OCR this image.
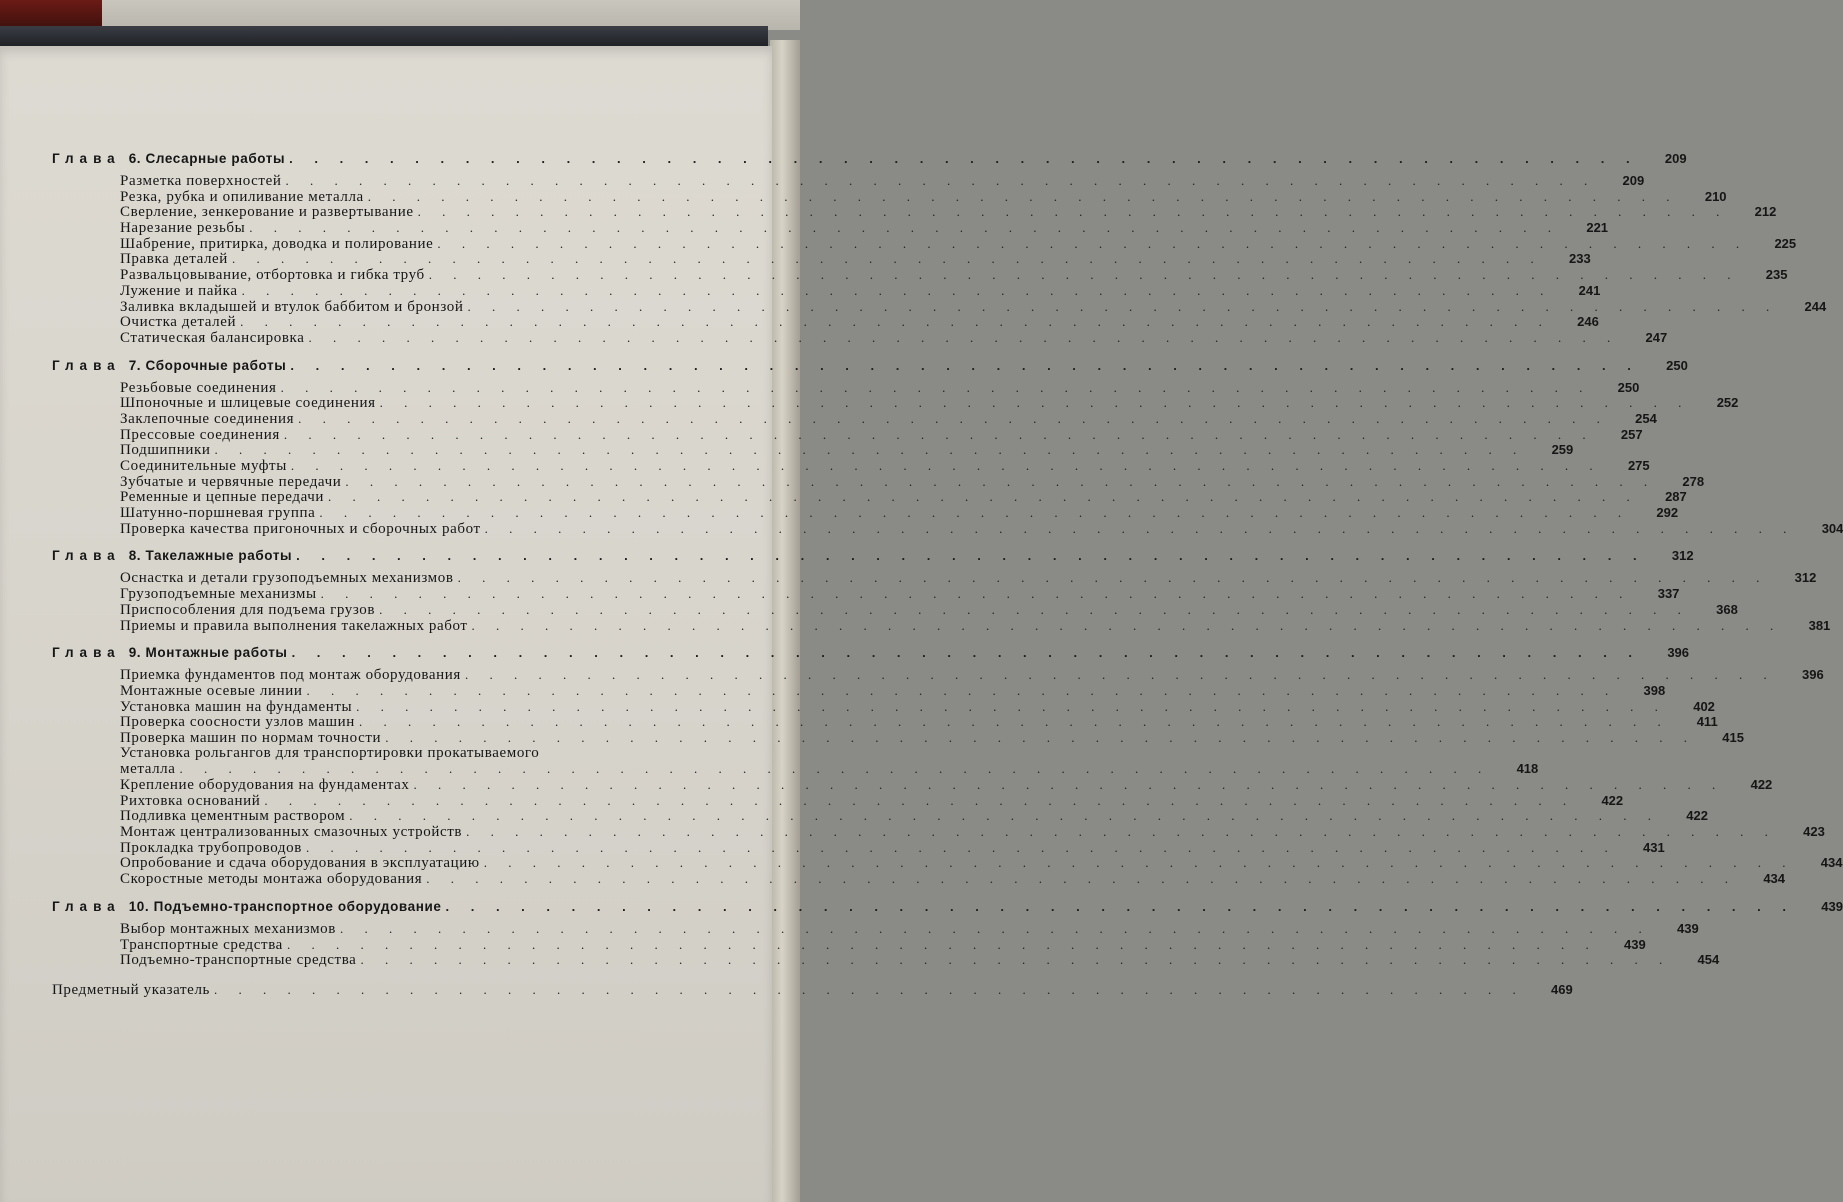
Глава 6. Слесарные работы . . . . . . . . . . . . . . . . . . . . . . . . . . . . . . . . . . . . . . . . . . . . . . . . . . . . . .	209
Разметка поверхностей . . . . . . . . . . . . . . . . . . . . . . . . . . . . . . . . . . . . . . . . . . . . . . . . . . . . . .	209
Резка, рубка и опиливание металла . . . . . . . . . . . . . . . . . . . . . . . . . . . . . . . . . . . . . . . . . . . . . . . . . . . . . .	210
Сверление, зенкерование и развертывание . . . . . . . . . . . . . . . . . . . . . . . . . . . . . . . . . . . . . . . . . . . . . . . . . . . . . .	212
Нарезание резьбы . . . . . . . . . . . . . . . . . . . . . . . . . . . . . . . . . . . . . . . . . . . . . . . . . . . . . .	221
Шабрение, притирка, доводка и полирование . . . . . . . . . . . . . . . . . . . . . . . . . . . . . . . . . . . . . . . . . . . . . . . . . . . . . .	225
Правка деталей . . . . . . . . . . . . . . . . . . . . . . . . . . . . . . . . . . . . . . . . . . . . . . . . . . . . . .	233
Развальцовывание, отбортовка и гибка труб . . . . . . . . . . . . . . . . . . . . . . . . . . . . . . . . . . . . . . . . . . . . . . . . . . . . . .	235
Лужение и пайка . . . . . . . . . . . . . . . . . . . . . . . . . . . . . . . . . . . . . . . . . . . . . . . . . . . . . .	241
Заливка вкладышей и втулок баббитом и бронзой . . . . . . . . . . . . . . . . . . . . . . . . . . . . . . . . . . . . . . . . . . . . . . . . . . . . . .	244
Очистка деталей . . . . . . . . . . . . . . . . . . . . . . . . . . . . . . . . . . . . . . . . . . . . . . . . . . . . . .	246
Статическая балансировка . . . . . . . . . . . . . . . . . . . . . . . . . . . . . . . . . . . . . . . . . . . . . . . . . . . . . .	247
Глава 7. Сборочные работы . . . . . . . . . . . . . . . . . . . . . . . . . . . . . . . . . . . . . . . . . . . . . . . . . . . . . .	250
Резьбовые соединения . . . . . . . . . . . . . . . . . . . . . . . . . . . . . . . . . . . . . . . . . . . . . . . . . . . . . .	250
Шпоночные и шлицевые соединения . . . . . . . . . . . . . . . . . . . . . . . . . . . . . . . . . . . . . . . . . . . . . . . . . . . . . .	252
Заклепочные соединения . . . . . . . . . . . . . . . . . . . . . . . . . . . . . . . . . . . . . . . . . . . . . . . . . . . . . .	254
Прессовые соединения . . . . . . . . . . . . . . . . . . . . . . . . . . . . . . . . . . . . . . . . . . . . . . . . . . . . . .	257
Подшипники . . . . . . . . . . . . . . . . . . . . . . . . . . . . . . . . . . . . . . . . . . . . . . . . . . . . . .	259
Соединительные муфты . . . . . . . . . . . . . . . . . . . . . . . . . . . . . . . . . . . . . . . . . . . . . . . . . . . . . .	275
Зубчатые и червячные передачи . . . . . . . . . . . . . . . . . . . . . . . . . . . . . . . . . . . . . . . . . . . . . . . . . . . . . .	278
Ременные и цепные передачи . . . . . . . . . . . . . . . . . . . . . . . . . . . . . . . . . . . . . . . . . . . . . . . . . . . . . .	287
Шатунно-поршневая группа . . . . . . . . . . . . . . . . . . . . . . . . . . . . . . . . . . . . . . . . . . . . . . . . . . . . . .	292
Проверка качества пригоночных и сборочных работ . . . . . . . . . . . . . . . . . . . . . . . . . . . . . . . . . . . . . . . . . . . . . . . . . . . . . .	304
Глава 8. Такелажные работы . . . . . . . . . . . . . . . . . . . . . . . . . . . . . . . . . . . . . . . . . . . . . . . . . . . . . .	312
Оснастка и детали грузоподъемных механизмов . . . . . . . . . . . . . . . . . . . . . . . . . . . . . . . . . . . . . . . . . . . . . . . . . . . . . .	312
Грузоподъемные механизмы . . . . . . . . . . . . . . . . . . . . . . . . . . . . . . . . . . . . . . . . . . . . . . . . . . . . . .	337
Приспособления для подъема грузов . . . . . . . . . . . . . . . . . . . . . . . . . . . . . . . . . . . . . . . . . . . . . . . . . . . . . .	368
Приемы и правила выполнения такелажных работ . . . . . . . . . . . . . . . . . . . . . . . . . . . . . . . . . . . . . . . . . . . . . . . . . . . . . .	381
Глава 9. Монтажные работы . . . . . . . . . . . . . . . . . . . . . . . . . . . . . . . . . . . . . . . . . . . . . . . . . . . . . .	396
Приемка фундаментов под монтаж оборудования . . . . . . . . . . . . . . . . . . . . . . . . . . . . . . . . . . . . . . . . . . . . . . . . . . . . . .	396
Монтажные осевые линии . . . . . . . . . . . . . . . . . . . . . . . . . . . . . . . . . . . . . . . . . . . . . . . . . . . . . .	398
Установка машин на фундаменты . . . . . . . . . . . . . . . . . . . . . . . . . . . . . . . . . . . . . . . . . . . . . . . . . . . . . .	402
Проверка соосности узлов машин . . . . . . . . . . . . . . . . . . . . . . . . . . . . . . . . . . . . . . . . . . . . . . . . . . . . . .	411
Проверка машин по нормам точности . . . . . . . . . . . . . . . . . . . . . . . . . . . . . . . . . . . . . . . . . . . . . . . . . . . . . .	415
Установка рольгангов для транспортировки прокатываемого
металла . . . . . . . . . . . . . . . . . . . . . . . . . . . . . . . . . . . . . . . . . . . . . . . . . . . . . .	418
Крепление оборудования на фундаментах . . . . . . . . . . . . . . . . . . . . . . . . . . . . . . . . . . . . . . . . . . . . . . . . . . . . . .	422
Рихтовка оснований . . . . . . . . . . . . . . . . . . . . . . . . . . . . . . . . . . . . . . . . . . . . . . . . . . . . . .	422
Подливка цементным раствором . . . . . . . . . . . . . . . . . . . . . . . . . . . . . . . . . . . . . . . . . . . . . . . . . . . . . .	422
Монтаж централизованных смазочных устройств . . . . . . . . . . . . . . . . . . . . . . . . . . . . . . . . . . . . . . . . . . . . . . . . . . . . . .	423
Прокладка трубопроводов . . . . . . . . . . . . . . . . . . . . . . . . . . . . . . . . . . . . . . . . . . . . . . . . . . . . . .	431
Опробование и сдача оборудования в эксплуатацию . . . . . . . . . . . . . . . . . . . . . . . . . . . . . . . . . . . . . . . . . . . . . . . . . . . . . .	434
Скоростные методы монтажа оборудования . . . . . . . . . . . . . . . . . . . . . . . . . . . . . . . . . . . . . . . . . . . . . . . . . . . . . .	434
Глава 10. Подъемно-транспортное оборудование . . . . . . . . . . . . . . . . . . . . . . . . . . . . . . . . . . . . . . . . . . . . . . . . . . . . . .	439
Выбор монтажных механизмов . . . . . . . . . . . . . . . . . . . . . . . . . . . . . . . . . . . . . . . . . . . . . . . . . . . . . .	439
Транспортные средства . . . . . . . . . . . . . . . . . . . . . . . . . . . . . . . . . . . . . . . . . . . . . . . . . . . . . .	439
Подъемно-транспортные средства . . . . . . . . . . . . . . . . . . . . . . . . . . . . . . . . . . . . . . . . . . . . . . . . . . . . . .	454
Предметный указатель . . . . . . . . . . . . . . . . . . . . . . . . . . . . . . . . . . . . . . . . . . . . . . . . . . . . . .	469
